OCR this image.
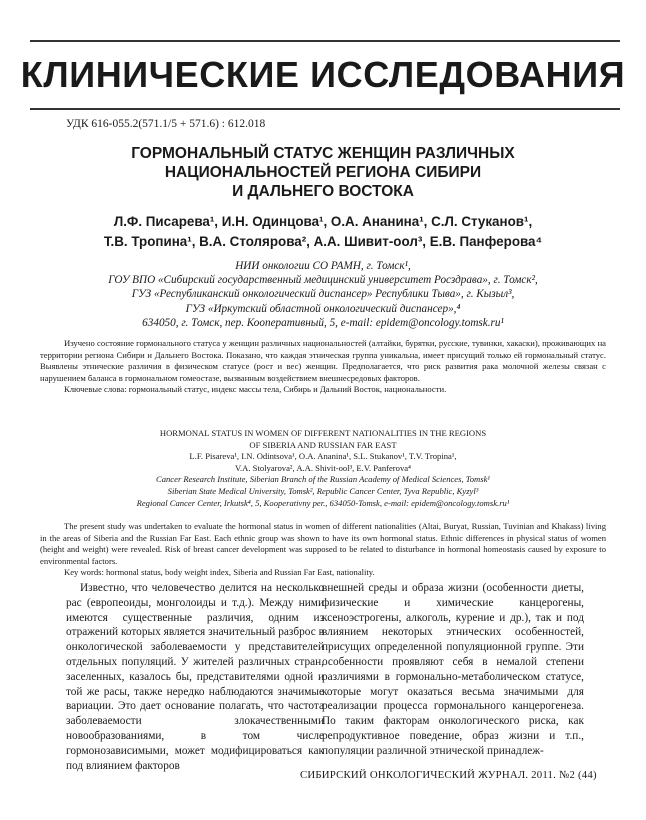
КЛИНИЧЕСКИЕ ИССЛЕДОВАНИЯ
УДК 616-055.2(571.1/5 + 571.6) : 612.018
ГОРМОНАЛЬНЫЙ СТАТУС ЖЕНЩИН РАЗЛИЧНЫХ
НАЦИОНАЛЬНОСТЕЙ РЕГИОНА СИБИРИ
И ДАЛЬНЕГО ВОСТОКА
Л.Ф. Писарева¹, И.Н. Одинцова¹, О.А. Ананина¹, С.Л. Стуканов¹,
Т.В. Тропина¹, В.А. Столярова², А.А. Шивит-оол³, Е.В. Панферова⁴
НИИ онкологии СО РАМН, г. Томск¹,
ГОУ ВПО «Сибирский государственный медицинский университет Росздрава», г. Томск²,
ГУЗ «Республиканский онкологический диспансер» Республики Тыва», г. Кызыл³,
ГУЗ «Иркутский областной онкологический диспансер»,⁴
634050, г. Томск, пер. Кооперативный, 5, e-mail: epidem@oncology.tomsk.ru¹

Изучено состояние гормонального статуса у женщин различных национальностей (алтайки, бурятки, русские, тувинки, хакаски), проживающих на территории региона Сибири и Дальнего Востока. Показано, что каждая этническая группа уникальна, имеет присущий только ей гормональный статус. Выявлены этнические различия в физическом статусе (рост и вес) женщин. Предполагается, что риск развития рака молочной железы связан с нарушением баланса в гормональном гомеостазе, вызванным воздействием внешнесредовых факторов.

Ключевые слова: гормональный статус, индекс массы тела, Сибирь и Дальний Восток, национальности.

HORMONAL STATUS IN WOMEN OF DIFFERENT NATIONALITIES IN THE REGIONS
OF SIBERIA AND RUSSIAN FAR EAST
L.F. Pisareva¹, I.N. Odintsova¹, O.A. Ananina¹, S.L. Stukanov¹, T.V. Tropina¹,
V.A. Stolyarova², A.A. Shivit-ool³, E.V. Panferova⁴
Cancer Research Institute, Siberian Branch of the Russian Academy of Medical Sciences, Tomsk¹
Siberian State Medical University, Tomsk², Republic Cancer Center, Tyva Republic, Kyzyl³
Regional Cancer Center, Irkutsk⁴, 5, Kooperativny per., 634050-Tomsk, e-mail: epidem@oncology.tomsk.ru¹

The present study was undertaken to evaluate the hormonal status in women of different nationalities (Altai, Buryat, Russian, Tuvinian and Khakass) living in the areas of Siberia and the Russian Far East. Each ethnic group was shown to have its own hormonal status. Ethnic differences in physical status of women (height and weight) were revealed. Risk of breast cancer development was supposed to be related to disturbance in hormonal homeostasis caused by exposure to environmental factors.

Key words: hormonal status, body weight index, Siberia and Russian Far East, nationality.

Известно, что человечество делится на несколько рас (европеоиды, монголоиды и т.д.). Между ними имеются существенные различия, одним из отражений которых является значительный разброс в онкологической заболеваемости у представителей отдельных популяций. У жителей различных стран, заселенных, казалось бы, представителями одной и той же расы, также нередко наблюдаются значимые вариации. Это дает основание полагать, что частота заболеваемости злокачественными новообразованиями, в том числе гормонозависимыми, может модифицироваться как под влиянием факторов

внешней среды и образа жизни (особенности диеты, физические и химические канцерогены, ксеноэстрогены, алкоголь, курение и др.), так и под влиянием некоторых этнических особенностей, присущих определенной популяционной группе. Эти особенности проявляют себя в немалой степени различиями в гормонально-метаболическом статусе, которые могут оказаться весьма значимыми для реализации процесса гормонального канцерогенеза. По таким факторам онкологического риска, как репродуктивное поведение, образ жизни и т.п., популяции различной этнической принадлеж-

СИБИРСКИЙ ОНКОЛОГИЧЕСКИЙ ЖУРНАЛ. 2011. №2 (44)
